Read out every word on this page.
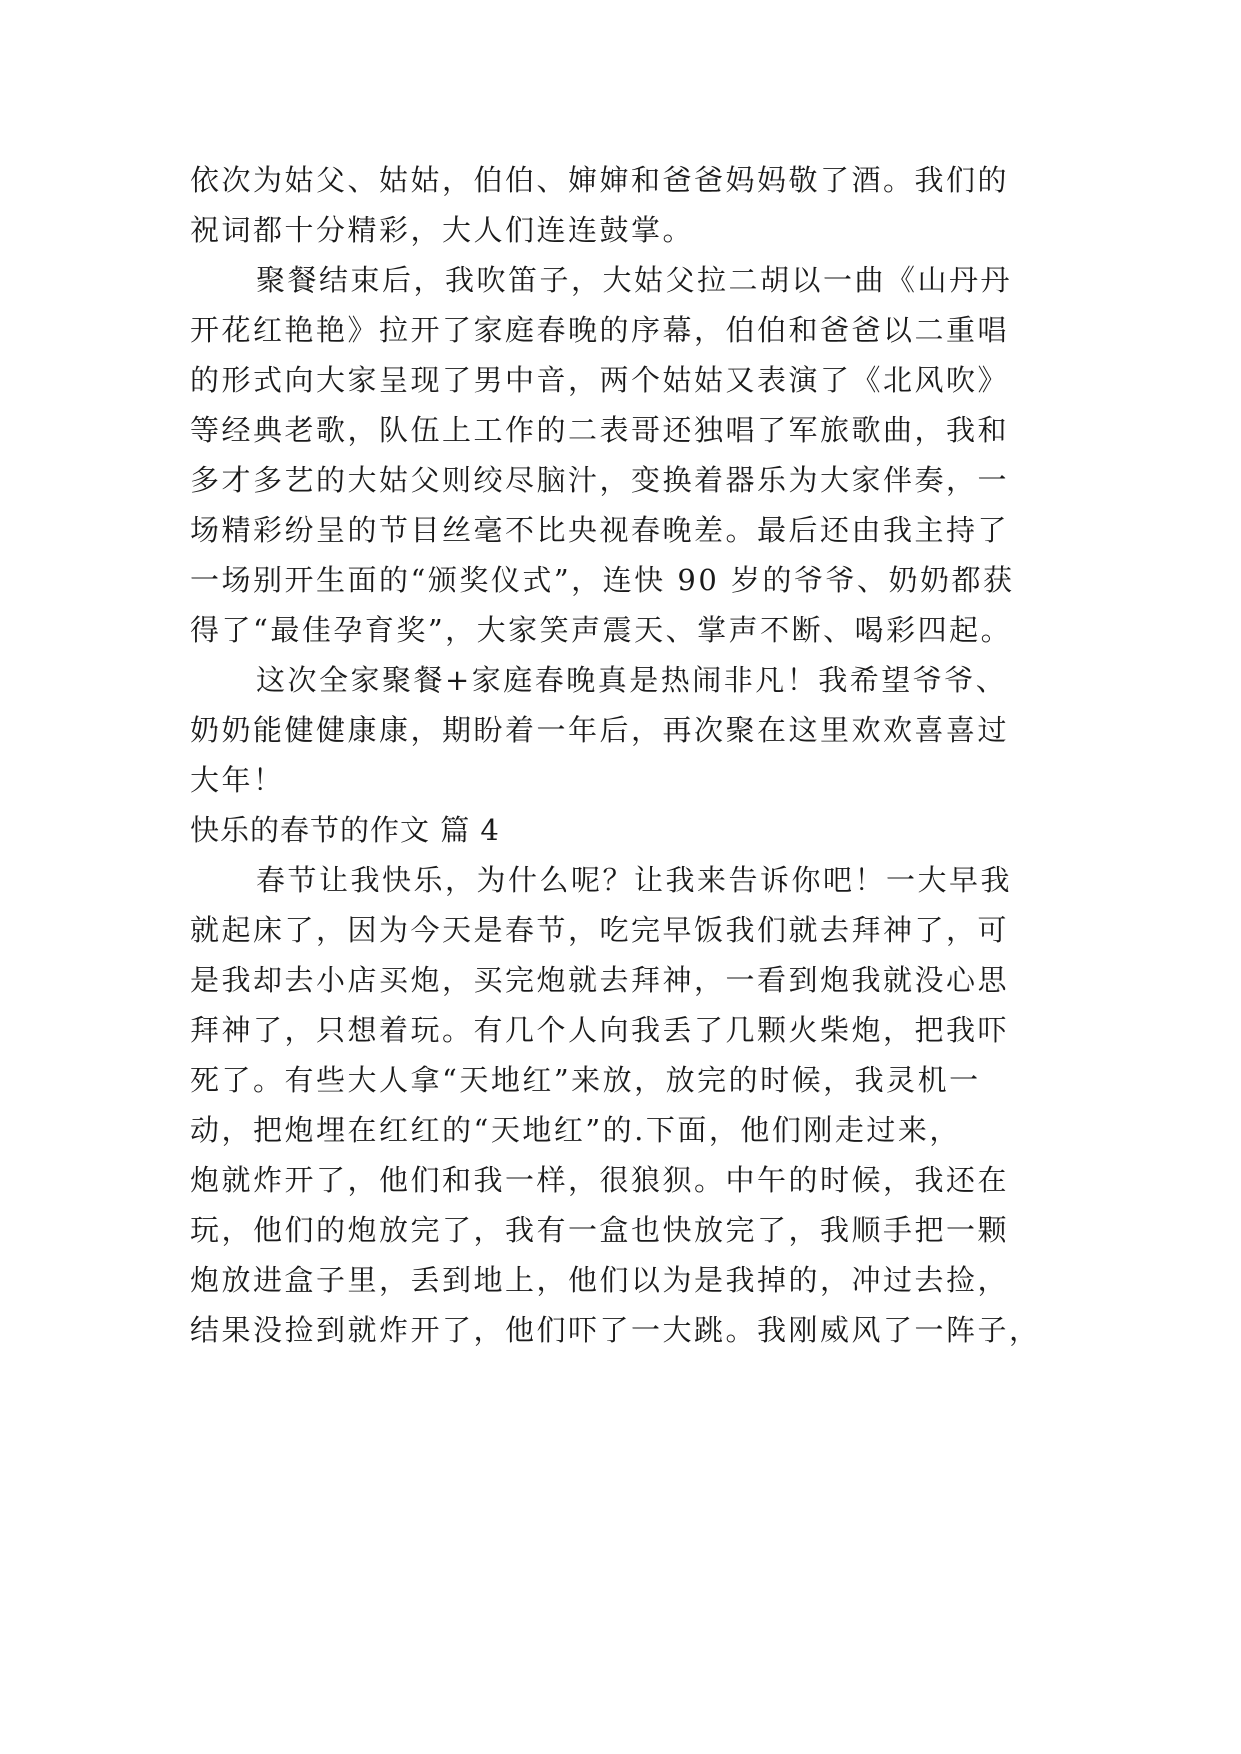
依次为姑父、姑姑，伯伯、婶婶和爸爸妈妈敬了酒。我们的
祝词都十分精彩，大人们连连鼓掌。
聚餐结束后，我吹笛子，大姑父拉二胡以一曲《山丹丹
开花红艳艳》拉开了家庭春晚的序幕，伯伯和爸爸以二重唱
的形式向大家呈现了男中音，两个姑姑又表演了《北风吹》
等经典老歌，队伍上工作的二表哥还独唱了军旅歌曲，我和
多才多艺的大姑父则绞尽脑汁，变换着器乐为大家伴奏，一
场精彩纷呈的节目丝毫不比央视春晚差。最后还由我主持了
一场别开生面的“颁奖仪式”，连快 90 岁的爷爷、奶奶都获
得了“最佳孕育奖”，大家笑声震天、掌声不断、喝彩四起。
这次全家聚餐+家庭春晚真是热闹非凡！我希望爷爷、
奶奶能健健康康，期盼着一年后，再次聚在这里欢欢喜喜过
大年！
快乐的春节的作文 篇 4
春节让我快乐，为什么呢？让我来告诉你吧！一大早我
就起床了，因为今天是春节，吃完早饭我们就去拜神了，可
是我却去小店买炮，买完炮就去拜神，一看到炮我就没心思
拜神了，只想着玩。有几个人向我丢了几颗火柴炮，把我吓
死了。有些大人拿“天地红”来放，放完的时候，我灵机一
动，把炮埋在红红的“天地红”的.下面，他们刚走过来，
炮就炸开了，他们和我一样，很狼狈。中午的时候，我还在
玩，他们的炮放完了，我有一盒也快放完了，我顺手把一颗
炮放进盒子里，丢到地上，他们以为是我掉的，冲过去捡，
结果没捡到就炸开了，他们吓了一大跳。我刚威风了一阵子，
